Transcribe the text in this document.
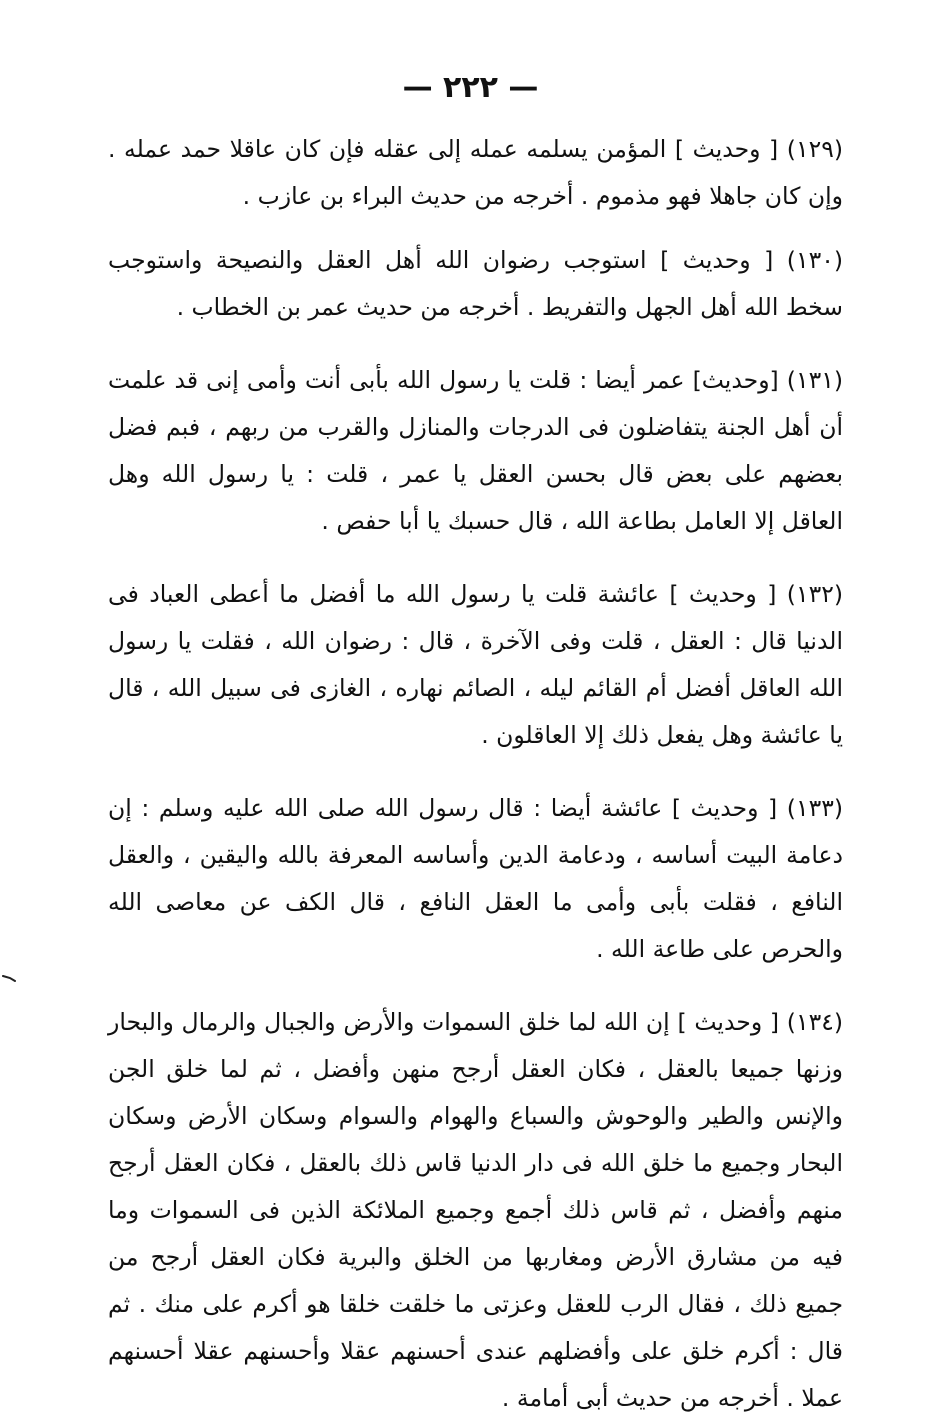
— ٢٢٢ —

(١٢٩) [ وحديث ] المؤمن يسلمه عمله إلى عقله فإن كان عاقلا حمد عمله . وإن كان جاهلا فهو مذموم . أخرجه من حديث البراء بن عازب .

(١٣٠) [ وحديث ] استوجب رضوان الله أهل العقل والنصيحة واستوجب سخط الله أهل الجهل والتفريط . أخرجه من حديث عمر بن الخطاب .

(١٣١) [وحديث] عمر أيضا : قلت يا رسول الله بأبى أنت وأمى إنى قد علمت أن أهل الجنة يتفاضلون فى الدرجات والمنازل والقرب من ربهم ، فبم فضل بعضهم على بعض قال بحسن العقل يا عمر ، قلت : يا رسول الله وهل العاقل إلا العامل بطاعة الله ، قال حسبك يا أبا حفص .

(١٣٢) [ وحديث ] عائشة قلت يا رسول الله ما أفضل ما أعطى العباد فى الدنيا قال : العقل ، قلت وفى الآخرة ، قال : رضوان الله ، فقلت يا رسول الله العاقل أفضل أم القائم ليله ، الصائم نهاره ، الغازى فى سبيل الله ، قال يا عائشة وهل يفعل ذلك إلا العاقلون .

(١٣٣) [ وحديث ] عائشة أيضا : قال رسول الله صلى الله عليه وسلم : إن دعامة البيت أساسه ، ودعامة الدين وأساسه المعرفة بالله واليقين ، والعقل النافع ، فقلت بأبى وأمى ما العقل النافع ، قال الكف عن معاصى الله والحرص على طاعة الله .

(١٣٤) [ وحديث ] إن الله لما خلق السموات والأرض والجبال والرمال والبحار وزنها جميعا بالعقل ، فكان العقل أرجح منهن وأفضل ، ثم لما خلق الجن والإنس والطير والوحوش والسباع والهوام والسوام وسكان الأرض وسكان البحار وجميع ما خلق الله فى دار الدنيا قاس ذلك بالعقل ، فكان العقل أرجح منهم وأفضل ، ثم قاس ذلك أجمع وجميع الملائكة الذين فى السموات وما فيه من مشارق الأرض ومغاربها من الخلق والبرية فكان العقل أرجح من جميع ذلك ، فقال الرب للعقل وعزتى ما خلقت خلقا هو أكرم على منك . ثم قال : أكرم خلق على وأفضلهم عندى أحسنهم عقلا وأحسنهم عقلا أحسنهم عملا . أخرجه من حديث أبى أمامة .
